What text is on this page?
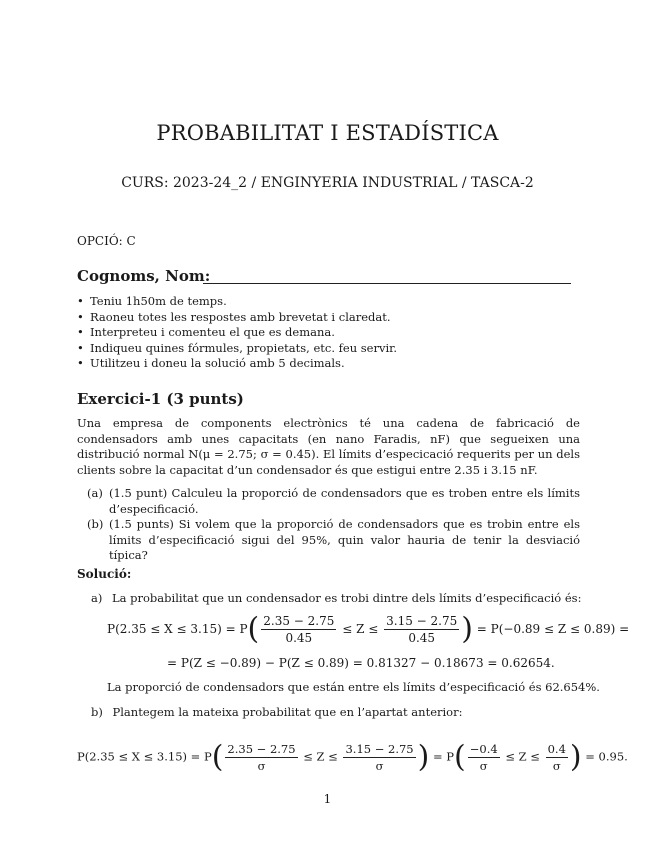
PROBABILITAT I ESTADÍSTICA
CURS: 2023-24_2 / ENGINYERIA INDUSTRIAL / TASCA-2
OPCIÓ: C
Cognoms, Nom:
• Teniu 1h50m de temps.
• Raoneu totes les respostes amb brevetat i claredat.
• Interpreteu i comenteu el que es demana.
• Indiqueu quines fórmules, propietats, etc. feu servir.
• Utilitzeu i doneu la solució amb 5 decimals.
Exercici-1 (3 punts)
Una empresa de components electrònics té una cadena de fabricació de condensadors amb unes capacitats (en nano Faradis, nF) que segueixen una distribució normal N(μ = 2.75; σ = 0.45). El límits d’especicació requerits per un dels clients sobre la capacitat d’un condensador és que estigui entre 2.35 i 3.15 nF.
(a) (1.5 punt) Calculeu la proporció de condensadors que es troben entre els límits d’especificació.
(b) (1.5 punts) Si volem que la proporció de condensadors que es trobin entre els límits d’especificació sigui del 95%, quin valor hauria de tenir la desviació típica?
Solució:
a) La probabilitat que un condensador es trobi dintre dels límits d’especificació és:
$P(2.35 \le X \le 3.15) = P( \frac{2.35 - 2.75}{0.45} \le Z \le \frac{3.15 - 2.75}{0.45}$ ) = P(−0.89 ≤ Z ≤ 0.89) =
= P(Z ≤ −0.89) − P(Z ≤ 0.89) = 0.81327 − 0.18673 = 0.62654.
La proporció de condensadors que están entre els límits d’especificació és 62.654%.
b) Plantegem la mateixa probabilitat que en l’apartat anterior:
$P(2.35 \le X \le 3.15) = P( \frac{2.35 - 2.75}{\sigma} \le Z \le \frac{3.15 - 2.75}{\sigma}$ ) = $P( \frac{-0.4}{\sigma} \le Z \le \frac{0.4}{\sigma}$ ) = 0.95.
1
